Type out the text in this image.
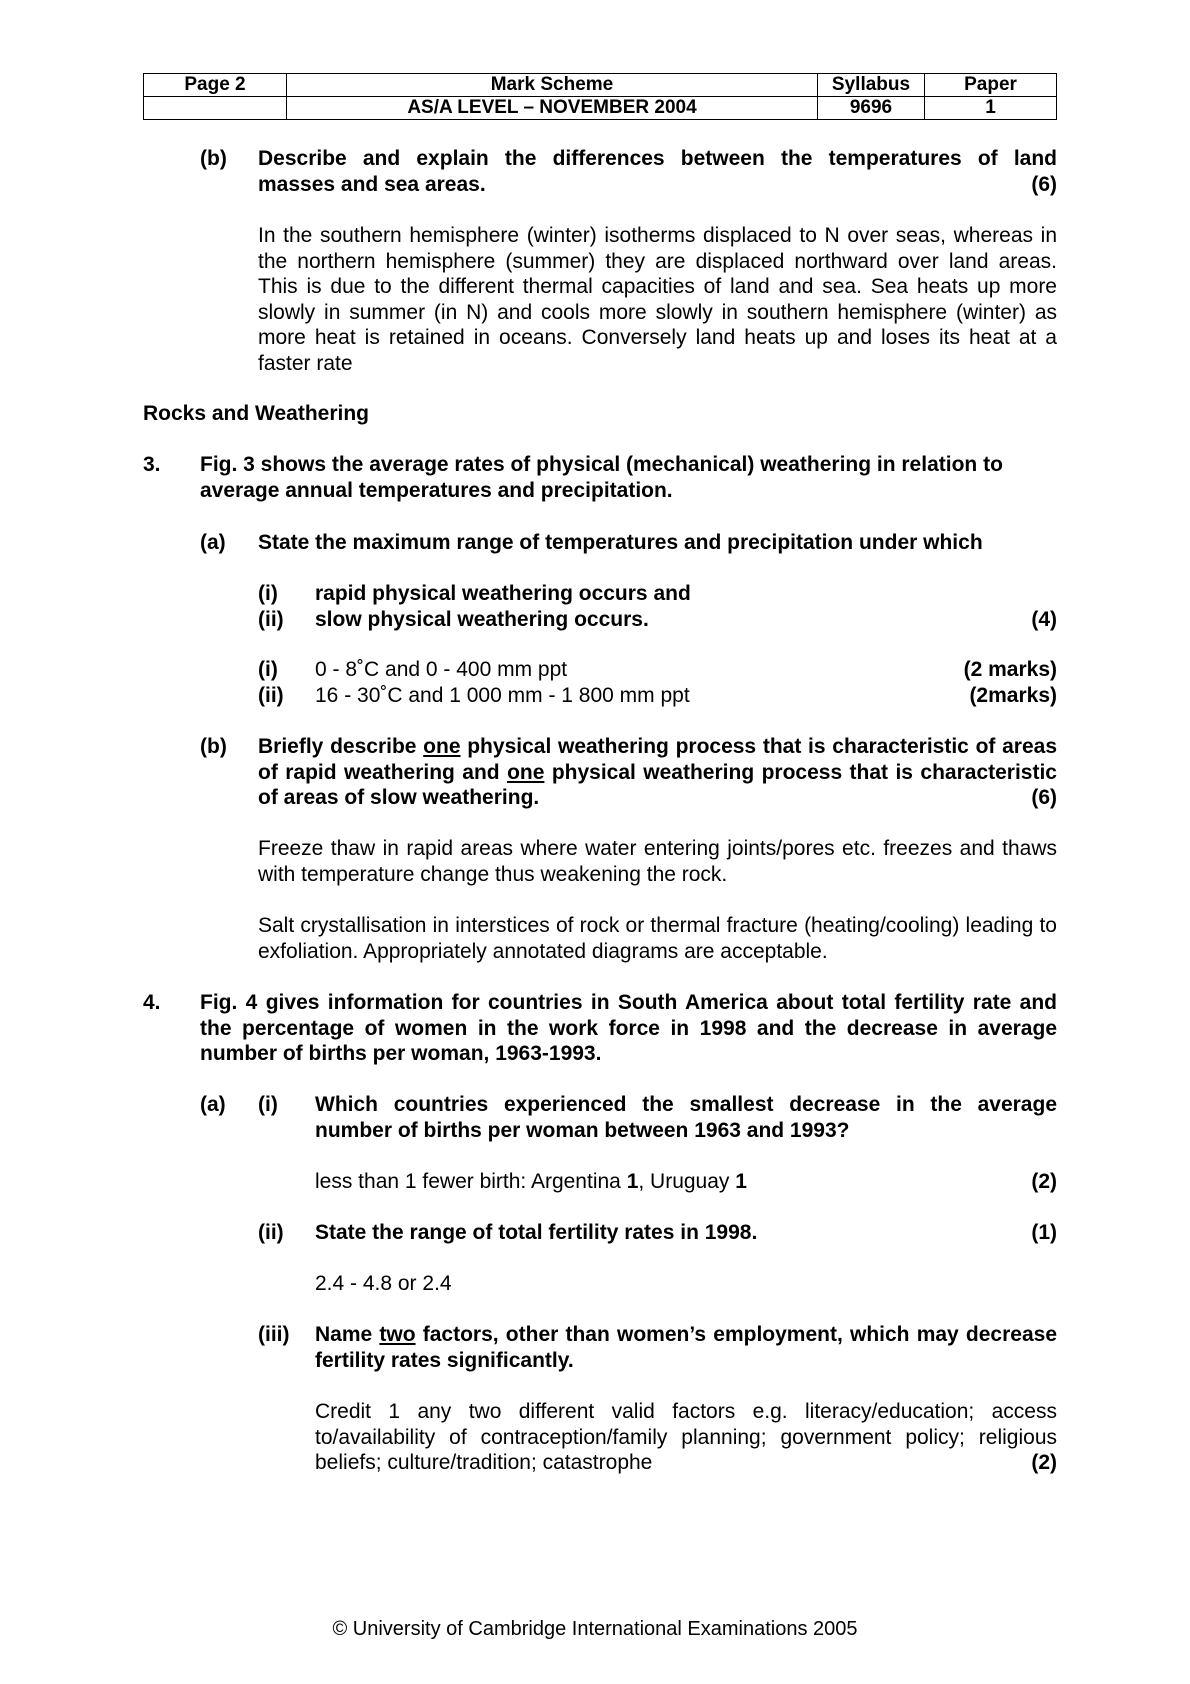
Page 2	Mark Scheme	Syllabus	Paper
	AS/A LEVEL – NOVEMBER 2004	9696	1
(b) Describe and explain the differences between the temperatures of land
masses and sea areas.	(6)
In the southern hemisphere (winter) isotherms displaced to N over seas, whereas in the northern hemisphere (summer) they are displaced northward over land areas. This is due to the different thermal capacities of land and sea. Sea heats up more slowly in summer (in N) and cools more slowly in southern hemisphere (winter) as more heat is retained in oceans. Conversely land heats up and loses its heat at a faster rate
Rocks and Weathering
3. Fig. 3 shows the average rates of physical (mechanical) weathering in relation to average annual temperatures and precipitation.
(a) State the maximum range of temperatures and precipitation under which
(i) rapid physical weathering occurs and
(ii) slow physical weathering occurs.	(4)
(i) 0 - 8˚C and 0 - 400 mm ppt	(2 marks)
(ii) 16 - 30˚C and 1 000 mm - 1 800 mm ppt	(2marks)
(b) Briefly describe one physical weathering process that is characteristic of areas of rapid weathering and one physical weathering process that is characteristic of areas of slow weathering.	(6)
Freeze thaw in rapid areas where water entering joints/pores etc. freezes and thaws with temperature change thus weakening the rock.
Salt crystallisation in interstices of rock or thermal fracture (heating/cooling) leading to exfoliation. Appropriately annotated diagrams are acceptable.
4. Fig. 4 gives information for countries in South America about total fertility rate and the percentage of women in the work force in 1998 and the decrease in average number of births per woman, 1963-1993.
(a) (i) Which countries experienced the smallest decrease in the average number of births per woman between 1963 and 1993?
less than 1 fewer birth: Argentina 1, Uruguay 1	(2)
(ii) State the range of total fertility rates in 1998.	(1)
2.4 - 4.8 or 2.4
(iii) Name two factors, other than women’s employment, which may decrease fertility rates significantly.
Credit 1 any two different valid factors e.g. literacy/education; access to/availability of contraception/family planning; government policy; religious beliefs; culture/tradition; catastrophe	(2)
© University of Cambridge International Examinations 2005
